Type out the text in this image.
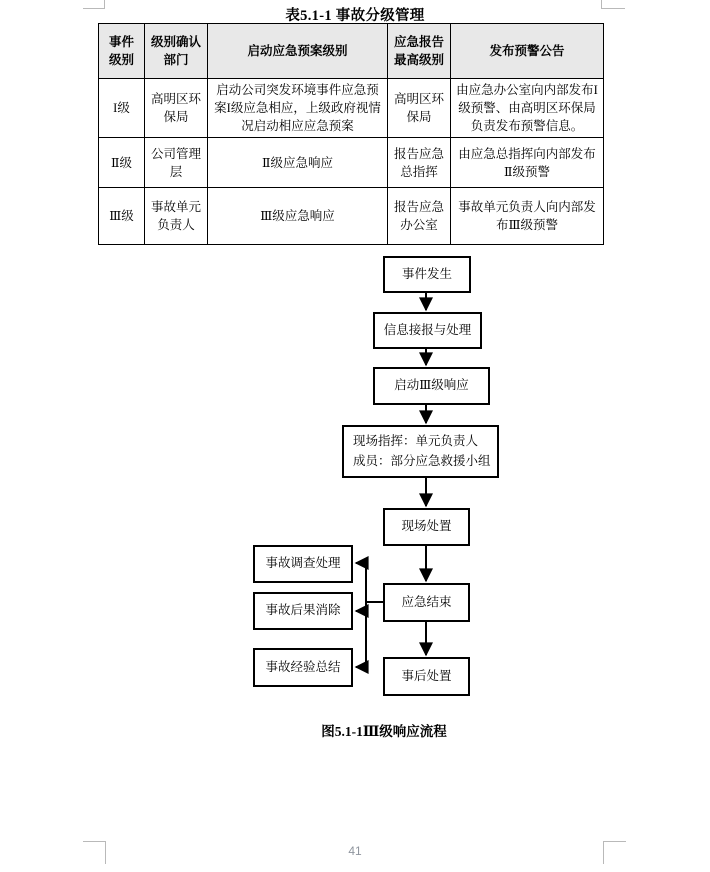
表5.1-1 事故分级管理
事件级别	级别确认部门	启动应急预案级别	应急报告最高级别	发布预警公告
I级	高明区环保局	启动公司突发环境事件应急预案I级应急相应，上级政府视情况启动相应应急预案	高明区环保局	由应急办公室向内部发布I级预警、由高明区环保局负责发布预警信息。
Ⅱ级	公司管理层	Ⅱ级应急响应	报告应急总指挥	由应急总指挥向内部发布Ⅱ级预警
Ⅲ级	事故单元负责人	Ⅲ级应急响应	报告应急办公室	事故单元负责人向内部发布Ⅲ级预警
事件发生
信息接报与处理
启动Ⅲ级响应
现场指挥：单元负责人
成员：部分应急救援小组
现场处置
应急结束
事后处置
事故调查处理
事故后果消除
事故经验总结
图5.1-1Ⅲ级响应流程
41
